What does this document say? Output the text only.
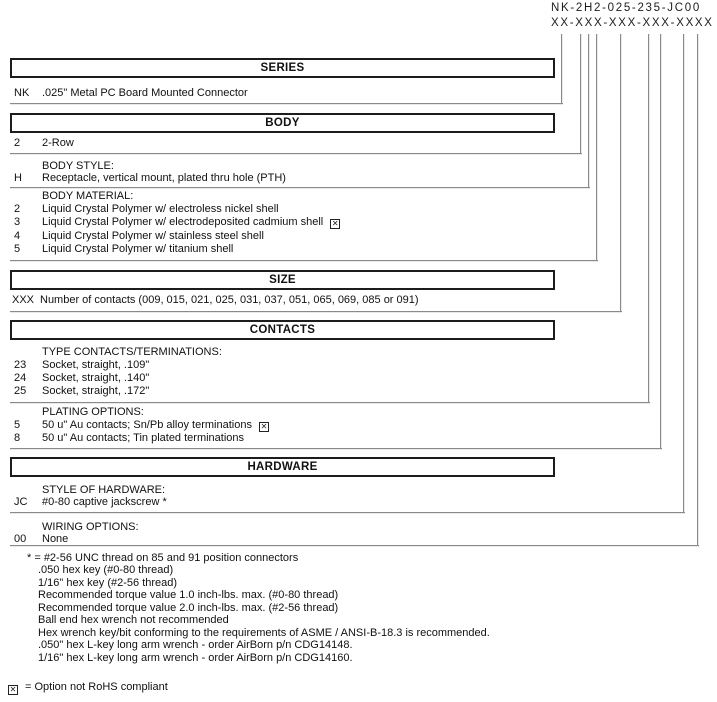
NK-2H2-025-235-JC00
XX-XXX-XXX-XXX-XXXX
SERIES
NK .025" Metal PC Board Mounted Connector
BODY
2 2-Row
BODY STYLE:
H Receptacle, vertical mount, plated thru hole (PTH)
BODY MATERIAL:
2 Liquid Crystal Polymer w/ electroless nickel shell
3 Liquid Crystal Polymer w/ electrodeposited cadmium shell ✕
4 Liquid Crystal Polymer w/ stainless steel shell
5 Liquid Crystal Polymer w/ titanium shell
SIZE
XXX Number of contacts (009, 015, 021, 025, 031, 037, 051, 065, 069, 085 or 091)
CONTACTS
TYPE CONTACTS/TERMINATIONS:
23 Socket, straight, .109"
24 Socket, straight, .140"
25 Socket, straight, .172"
PLATING OPTIONS:
5 50 u" Au contacts; Sn/Pb alloy terminations ✕
8 50 u" Au contacts; Tin plated terminations
HARDWARE
STYLE OF HARDWARE:
JC #0-80 captive jackscrew *
WIRING OPTIONS:
00 None
* = #2-56 UNC thread on 85 and 91 position connectors
.050 hex key (#0-80 thread)
1/16" hex key (#2-56 thread)
Recommended torque value 1.0 inch-lbs. max. (#0-80 thread)
Recommended torque value 2.0 inch-lbs. max. (#2-56 thread)
Ball end hex wrench not recommended
Hex wrench key/bit conforming to the requirements of ASME / ANSI-B-18.3 is recommended.
.050" hex L-key long arm wrench - order AirBorn p/n CDG14148.
1/16" hex L-key long arm wrench - order AirBorn p/n CDG14160.
✕ = Option not RoHS compliant
